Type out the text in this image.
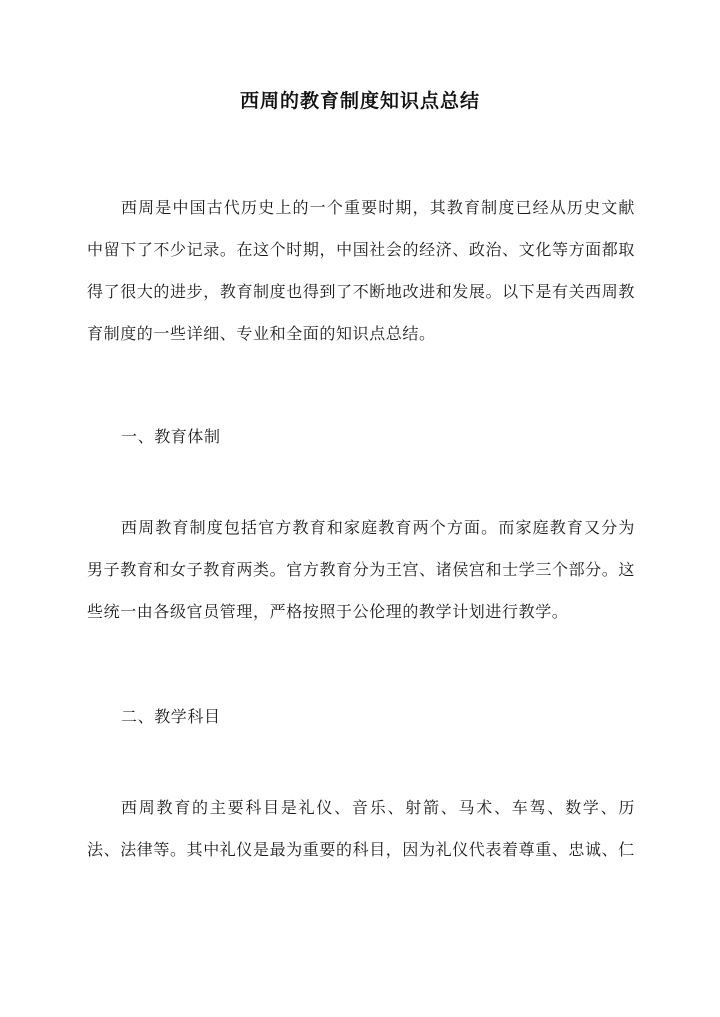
西周的教育制度知识点总结
西周是中国古代历史上的一个重要时期，其教育制度已经从历史文献中留下了不少记录。在这个时期，中国社会的经济、政治、文化等方面都取得了很大的进步，教育制度也得到了不断地改进和发展。以下是有关西周教育制度的一些详细、专业和全面的知识点总结。
一、教育体制
西周教育制度包括官方教育和家庭教育两个方面。而家庭教育又分为男子教育和女子教育两类。官方教育分为王宫、诸侯宫和士学三个部分。这些统一由各级官员管理，严格按照于公伦理的教学计划进行教学。
二、教学科目
西周教育的主要科目是礼仪、音乐、射箭、马术、车驾、数学、历法、法律等。其中礼仪是最为重要的科目，因为礼仪代表着尊重、忠诚、仁
